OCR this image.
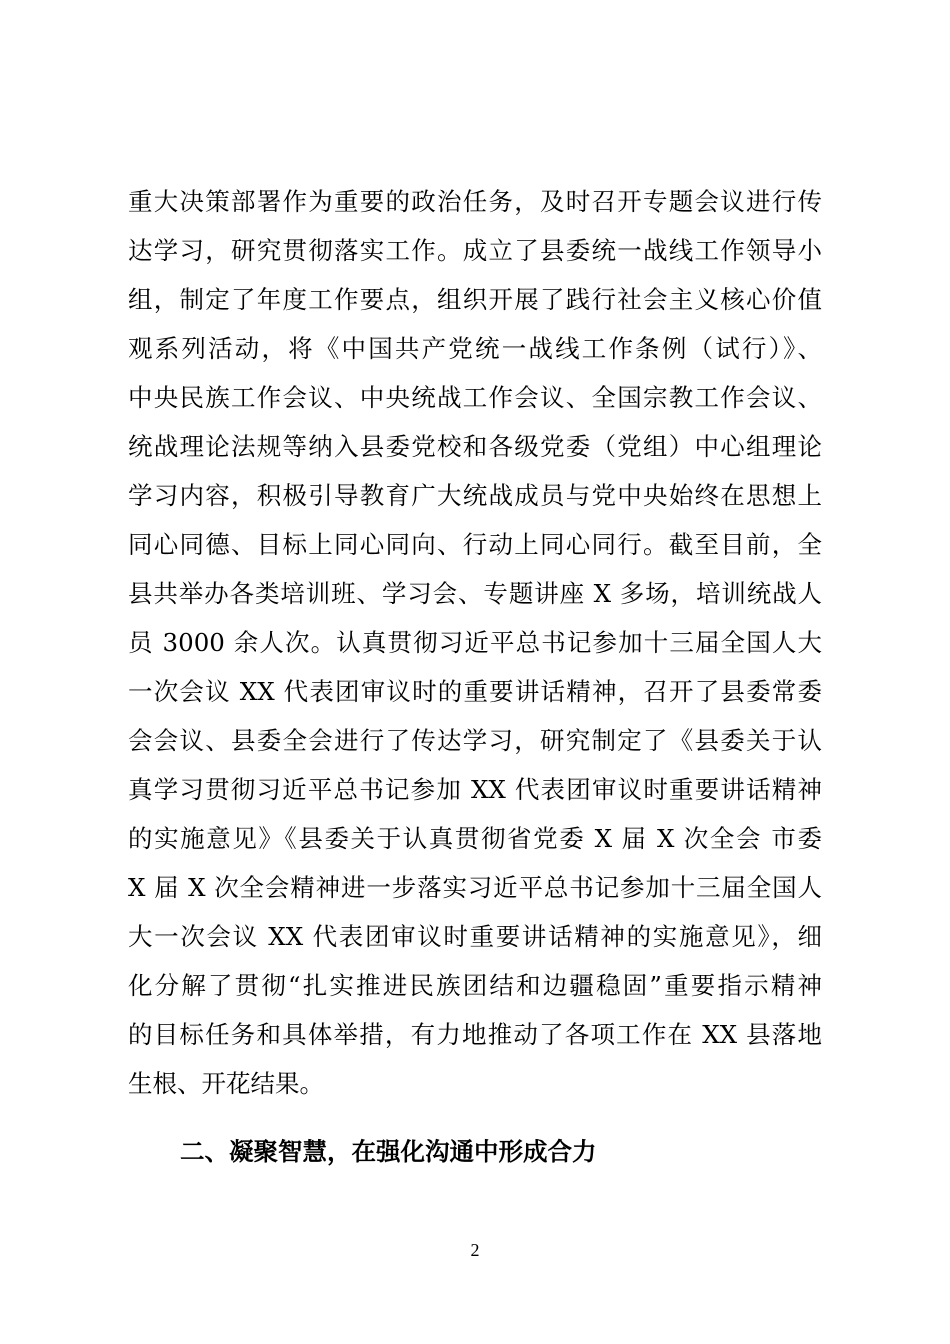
重大决策部署作为重要的政治任务，及时召开专题会议进行传
达学习，研究贯彻落实工作。成立了县委统一战线工作领导小
组，制定了年度工作要点，组织开展了践行社会主义核心价值
观系列活动，将《中国共产党统一战线工作条例（试行）》、
中央民族工作会议、中央统战工作会议、全国宗教工作会议、
统战理论法规等纳入县委党校和各级党委（党组）中心组理论
学习内容，积极引导教育广大统战成员与党中央始终在思想上
同心同德、目标上同心同向、行动上同心同行。截至目前，全
县共举办各类培训班、学习会、专题讲座 X 多场，培训统战人
员 3000 余人次。认真贯彻习近平总书记参加十三届全国人大
一次会议 XX 代表团审议时的重要讲话精神，召开了县委常委
会会议、县委全会进行了传达学习，研究制定了《县委关于认
真学习贯彻习近平总书记参加 XX 代表团审议时重要讲话精神
的实施意见》《县委关于认真贯彻省党委 X 届 X 次全会 市委
X 届 X 次全会精神进一步落实习近平总书记参加十三届全国人
大一次会议 XX 代表团审议时重要讲话精神的实施意见》，细
化分解了贯彻“扎实推进民族团结和边疆稳固”重要指示精神
的目标任务和具体举措，有力地推动了各项工作在 XX 县落地
生根、开花结果。
二、凝聚智慧，在强化沟通中形成合力
2
